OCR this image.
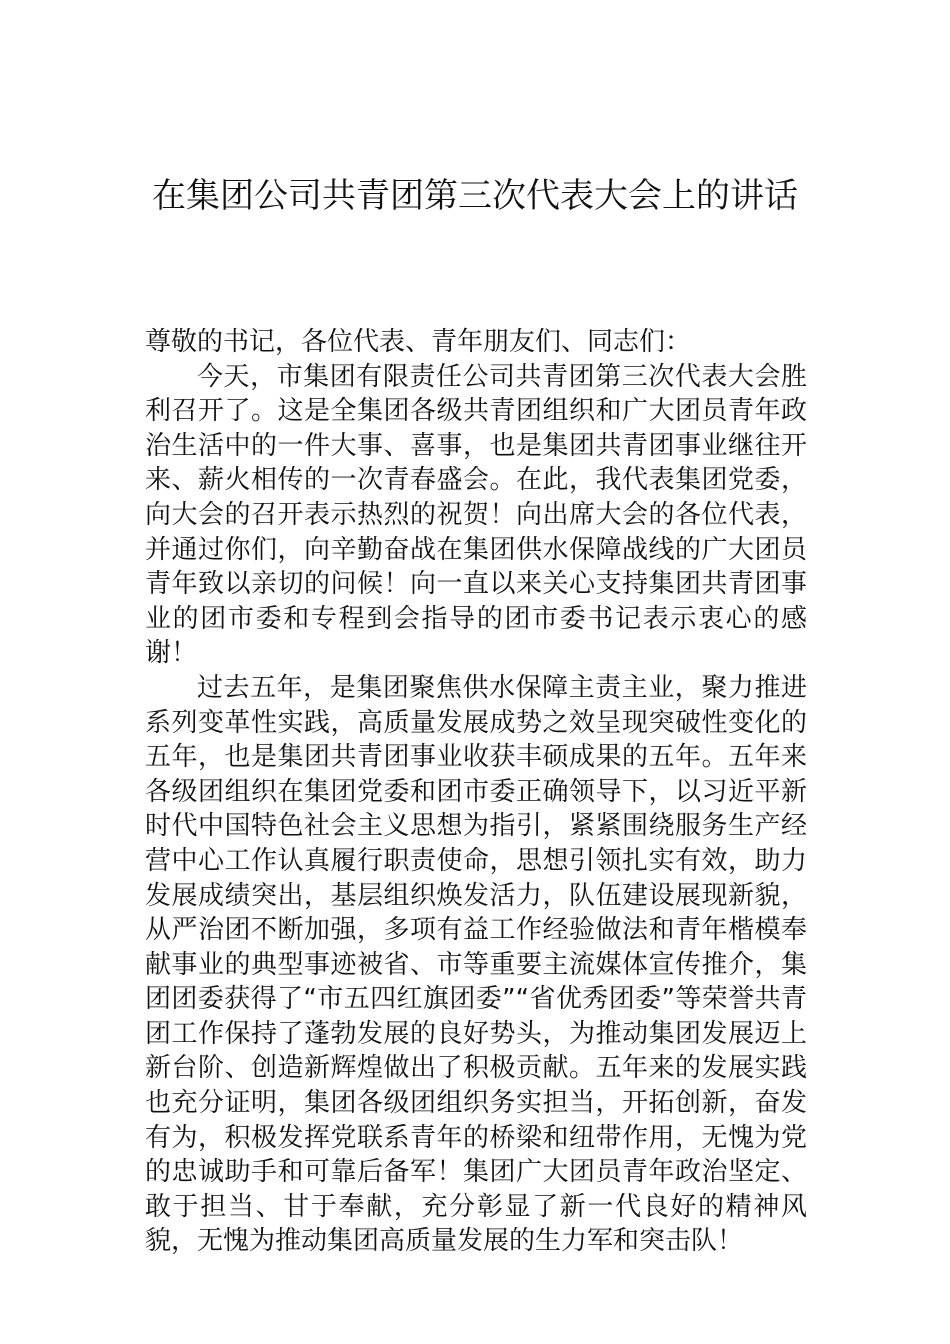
在集团公司共青团第三次代表大会上的讲话

尊敬的书记，各位代表、青年朋友们、同志们：

今天，市集团有限责任公司共青团第三次代表大会胜利召开了。这是全集团各级共青团组织和广大团员青年政治生活中的一件大事、喜事，也是集团共青团事业继往开来、薪火相传的一次青春盛会。在此，我代表集团党委，向大会的召开表示热烈的祝贺！向出席大会的各位代表，并通过你们，向辛勤奋战在集团供水保障战线的广大团员青年致以亲切的问候！向一直以来关心支持集团共青团事业的团市委和专程到会指导的团市委书记表示衷心的感谢！

过去五年，是集团聚焦供水保障主责主业，聚力推进系列变革性实践，高质量发展成势之效呈现突破性变化的五年，也是集团共青团事业收获丰硕成果的五年。五年来各级团组织在集团党委和团市委正确领导下，以习近平新时代中国特色社会主义思想为指引，紧紧围绕服务生产经营中心工作认真履行职责使命，思想引领扎实有效，助力发展成绩突出，基层组织焕发活力，队伍建设展现新貌，从严治团不断加强，多项有益工作经验做法和青年楷模奉献事业的典型事迹被省、市等重要主流媒体宣传推介，集团团委获得了“市五四红旗团委”“省优秀团委”等荣誉共青团工作保持了蓬勃发展的良好势头，为推动集团发展迈上新台阶、创造新辉煌做出了积极贡献。五年来的发展实践也充分证明，集团各级团组织务实担当，开拓创新，奋发有为，积极发挥党联系青年的桥梁和纽带作用，无愧为党的忠诚助手和可靠后备军！集团广大团员青年政治坚定、敢于担当、甘于奉献，充分彰显了新一代良好的精神风貌，无愧为推动集团高质量发展的生力军和突击队！
